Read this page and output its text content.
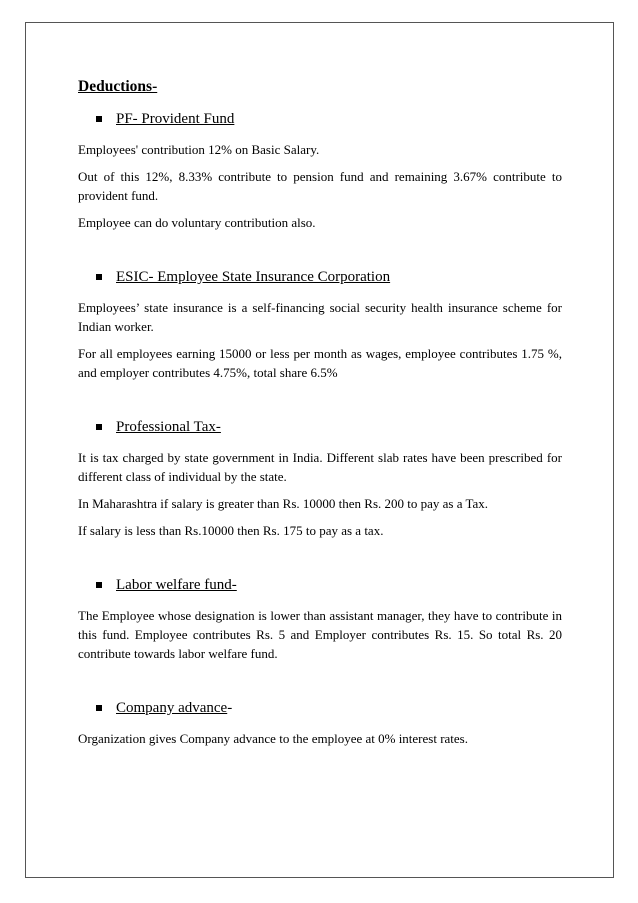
Deductions-
PF- Provident Fund

Employees' contribution 12% on Basic Salary.

Out of this 12%, 8.33% contribute to pension fund and remaining 3.67% contribute to provident fund.

Employee can do voluntary contribution also.

ESIC- Employee State Insurance Corporation

Employees’ state insurance is a self-financing social security health insurance scheme for Indian worker.

For all employees earning 15000 or less per month as wages, employee contributes 1.75 %, and employer contributes 4.75%, total share 6.5%

Professional Tax-

It is tax charged by state government in India. Different slab rates have been prescribed for different class of individual by the state.

In Maharashtra if salary is greater than Rs. 10000 then Rs. 200 to pay as a Tax.

If salary is less than Rs.10000 then Rs. 175 to pay as a tax.

Labor welfare fund-

The Employee whose designation is lower than assistant manager, they have to contribute in this fund. Employee contributes Rs. 5 and Employer contributes Rs. 15. So total Rs. 20 contribute towards labor welfare fund.

Company advance -

Organization gives Company advance to the employee at 0% interest rates.
